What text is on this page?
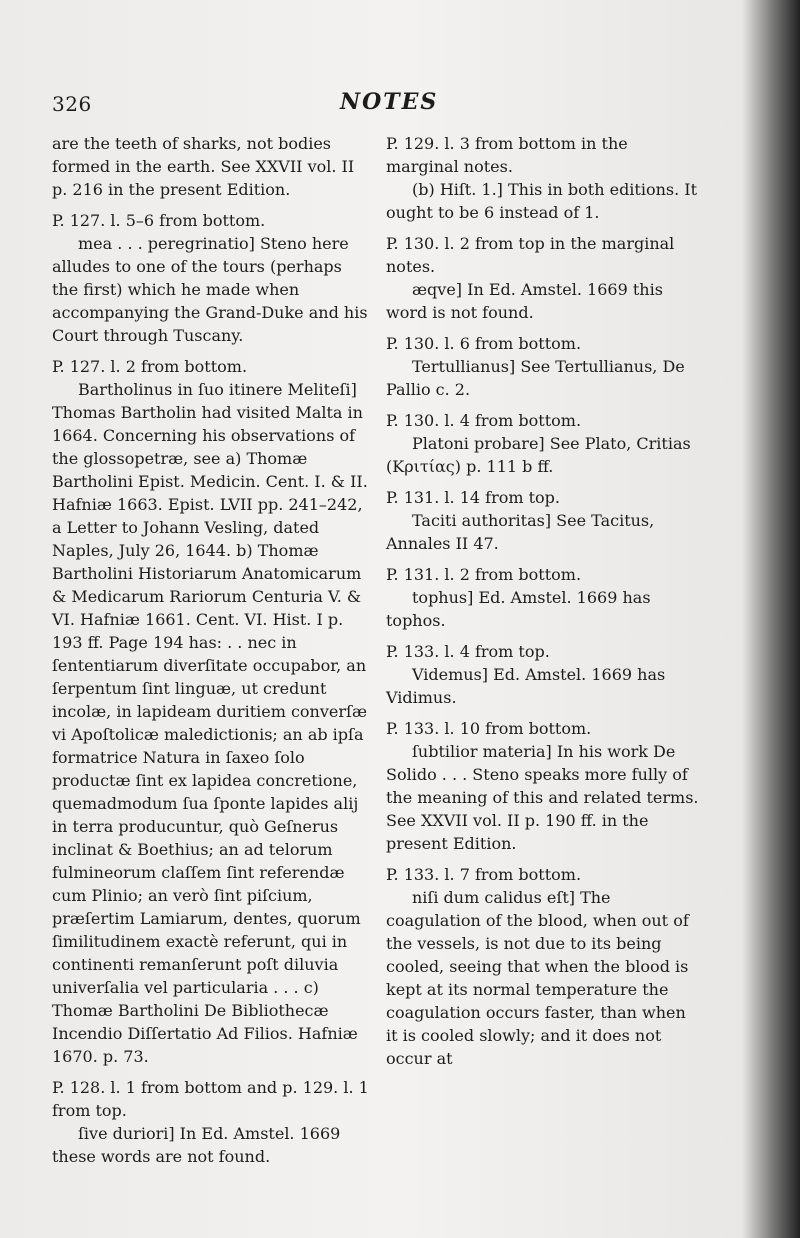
326	NOTES

are the teeth of sharks, not bodies formed in the earth. See XXVII vol. II p. 216 in the present Edition.

P. 127. l. 5–6 from bottom.

mea . . . peregrinatio] Steno here alludes to one of the tours (perhaps the first) which he made when accompanying the Grand-Duke and his Court through Tuscany.

P. 127. l. 2 from bottom.

Bartholinus in ſuo itinere Meliteſi] Thomas Bartholin had visited Malta in 1664. Concerning his observations of the glossopetræ, see a) Thomæ Bartholini Epist. Medicin. Cent. I. & II. Hafniæ 1663. Epist. LVII pp. 241–242, a Letter to Johann Vesling, dated Naples, July 26, 1644. b) Thomæ Bartholini Historiarum Anatomicarum & Medicarum Rariorum Centuria V. & VI. Hafniæ 1661. Cent. VI. Hist. I p. 193 ff. Page 194 has: . . nec in ſententiarum diverſitate occupabor, an ſerpentum ſint linguæ, ut credunt incolæ, in lapideam duritiem converſæ vi Apoſtolicæ maledictionis; an ab ipſa formatrice Natura in ſaxeo ſolo productæ ſint ex lapidea concretione, quemadmodum ſua ſponte lapides alij in terra producuntur, quò Geſnerus inclinat & Boethius; an ad telorum fulmineorum claſſem ſint referendæ cum Plinio; an verò ſint piſcium, præſertim Lamiarum, dentes, quorum ſimilitudinem exactè referunt, qui in continenti remanſerunt poſt diluvia univerſalia vel particularia . . . c) Thomæ Bartholini De Bibliothecæ Incendio Diſſertatio Ad Filios. Hafniæ 1670. p. 73.

P. 128. l. 1 from bottom and p. 129. l. 1 from top.

ſive duriori] In Ed. Amstel. 1669 these words are not found.

P. 129. l. 3 from bottom in the marginal notes.

(b) Hiſt. 1.] This in both editions. It ought to be 6 instead of 1.

P. 130. l. 2 from top in the marginal notes.

æqve] In Ed. Amstel. 1669 this word is not found.

P. 130. l. 6 from bottom.

Tertullianus] See Tertullianus, De Pallio c. 2.

P. 130. l. 4 from bottom.

Platoni probare] See Plato, Critias (Κριτίας) p. 111 b ff.

P. 131. l. 14 from top.

Taciti authoritas] See Tacitus, Annales II 47.

P. 131. l. 2 from bottom.

tophus] Ed. Amstel. 1669 has tophos.

P. 133. l. 4 from top.

Videmus] Ed. Amstel. 1669 has Vidimus.

P. 133. l. 10 from bottom.

ſubtilior materia] In his work De Solido . . . Steno speaks more fully of the meaning of this and related terms. See XXVII vol. II p. 190 ff. in the present Edition.

P. 133. l. 7 from bottom.

niſi dum calidus eſt] The coagulation of the blood, when out of the vessels, is not due to its being cooled, seeing that when the blood is kept at its normal temperature the coagulation occurs faster, than when it is cooled slowly; and it does not occur at
